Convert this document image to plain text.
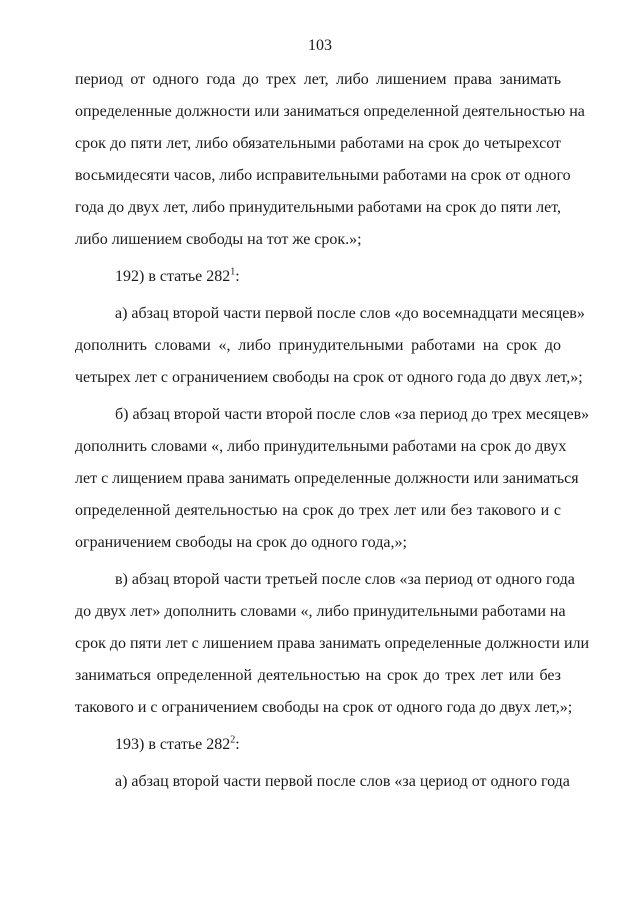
103
период от одного года до трех лет, либо лишением права занимать
определенные должности или заниматься определенной деятельностью на
срок до пяти лет, либо обязательными работами на срок до четырехсот
восьмидесяти часов, либо исправительными работами на срок от одного
года до двух лет, либо принудительными работами на срок до пяти лет,
либо лишением свободы на тот же срок.»;
192) в статье $282^1$:
а) абзац второй части первой после слов «до восемнадцати месяцев»
дополнить словами «, либо принудительными работами на срок до
четырех лет с ограничением свободы на срок от одного года до двух лет,»;
б) абзац второй части второй после слов «за период до трех месяцев»
дополнить словами «, либо принудительными работами на срок до двух
лет с лищением права занимать определенные должности или заниматься
определенной деятельностью на срок до трех лет или без такового и с
ограничением свободы на срок до одного года,»;
в) абзац второй части третьей после слов «за период от одного года
до двух лет» дополнить словами «, либо принудительными работами на
срок до пяти лет с лишением права занимать определенные должности или
заниматься определенной деятельностью на срок до трех лет или без
такового и с ограничением свободы на срок от одного года до двух лет,»;
193) в статье $282^2$:
а) абзац второй части первой после слов «за цериод от одного года
